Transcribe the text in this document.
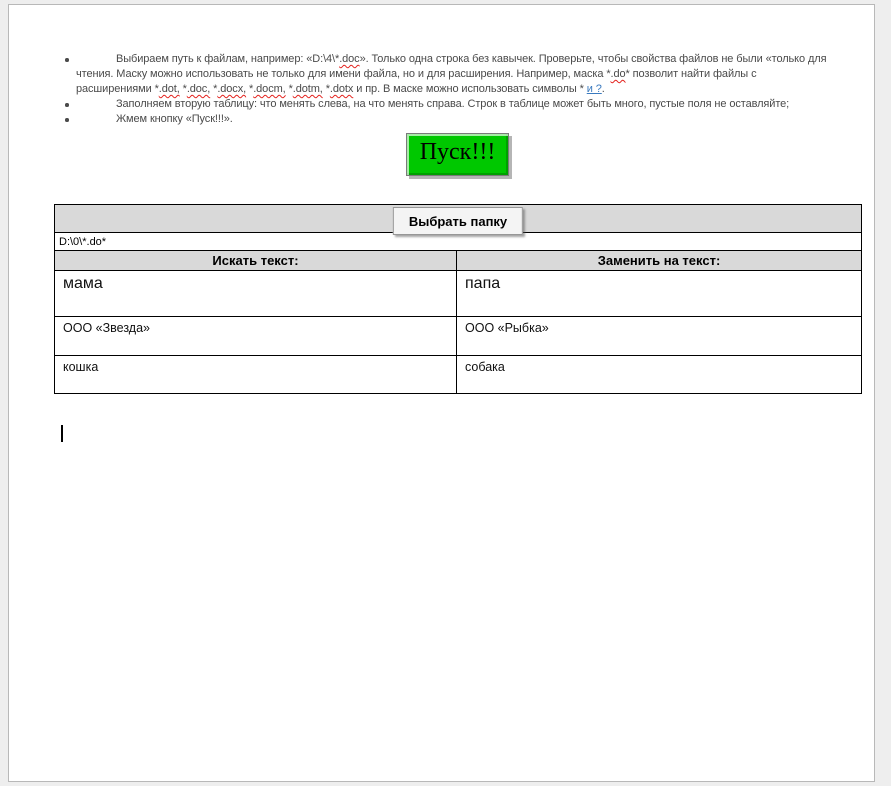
Выбираем путь к файлам, например: «D:\4\*.doc». Только одна строка без кавычек. Проверьте, чтобы свойства файлов не были «только для чтения. Маску можно использовать не только для имени файла, но и для расширения. Например, маска *.do* позволит найти файлы с расширениями *.dot, *.doc, *.docx, *.docm, *.dotm, *.dotx и пр. В маске можно использовать символы * и ?.

Заполняем вторую таблицу: что менять слева, на что менять справа. Строк в таблице может быть много, пустые поля не оставляйте;

Жмем кнопку «Пуск!!!».

Пуск!!!
Выбрать папку	

D:\0\*.do*	
Искать текст:	Заменить на текст:
мама	папа
ООО «Звезда»	ООО «Рыбка»
кошка	собака
